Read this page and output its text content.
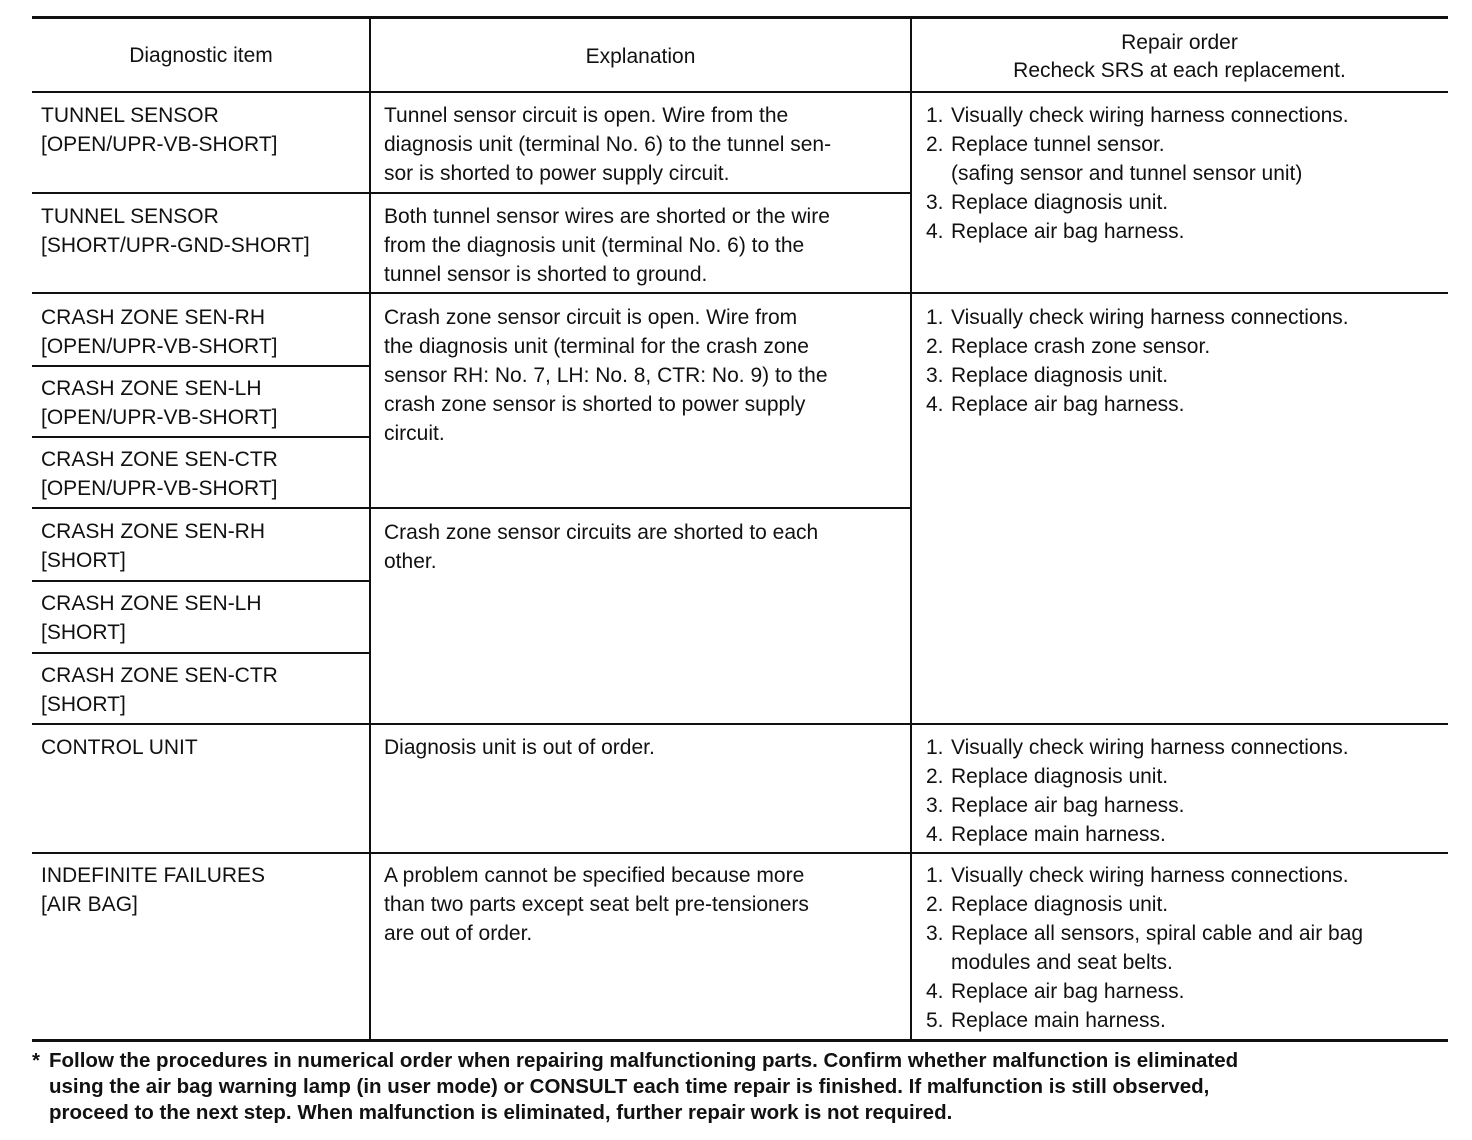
Diagnostic item	Explanation
Repair order
Recheck SRS at each replacement.
TUNNEL SENSOR
[OPEN/UPR-VB-SHORT]
TUNNEL SENSOR
[SHORT/UPR-GND-SHORT]
CRASH ZONE SEN-RH
[OPEN/UPR-VB-SHORT]
CRASH ZONE SEN-LH
[OPEN/UPR-VB-SHORT]
CRASH ZONE SEN-CTR
[OPEN/UPR-VB-SHORT]
CRASH ZONE SEN-RH
[SHORT]
CRASH ZONE SEN-LH
[SHORT]
CRASH ZONE SEN-CTR
[SHORT]
CONTROL UNIT
INDEFINITE FAILURES
[AIR BAG]
Tunnel sensor circuit is open. Wire from the
diagnosis unit (terminal No. 6) to the tunnel sen-
sor is shorted to power supply circuit.
Both tunnel sensor wires are shorted or the wire
from the diagnosis unit (terminal No. 6) to the
tunnel sensor is shorted to ground.
Crash zone sensor circuit is open. Wire from
the diagnosis unit (terminal for the crash zone
sensor RH: No. 7, LH: No. 8, CTR: No. 9) to the
crash zone sensor is shorted to power supply
circuit.
Crash zone sensor circuits are shorted to each
other.
Diagnosis unit is out of order.
A problem cannot be specified because more
than two parts except seat belt pre-tensioners
are out of order.
1. Visually check wiring harness connections.
2. Replace tunnel sensor.
(safing sensor and tunnel sensor unit)
3. Replace diagnosis unit.
4. Replace air bag harness.
1. Visually check wiring harness connections.
2. Replace crash zone sensor.
3. Replace diagnosis unit.
4. Replace air bag harness.
1. Visually check wiring harness connections.
2. Replace diagnosis unit.
3. Replace air bag harness.
4. Replace main harness.
1. Visually check wiring harness connections.
2. Replace diagnosis unit.
3. Replace all sensors, spiral cable and air bag
modules and seat belts.
4. Replace air bag harness.
5. Replace main harness.
* Follow the procedures in numerical order when repairing malfunctioning parts. Confirm whether malfunction is eliminated
using the air bag warning lamp (in user mode) or CONSULT each time repair is finished. If malfunction is still observed,
proceed to the next step. When malfunction is eliminated, further repair work is not required.
